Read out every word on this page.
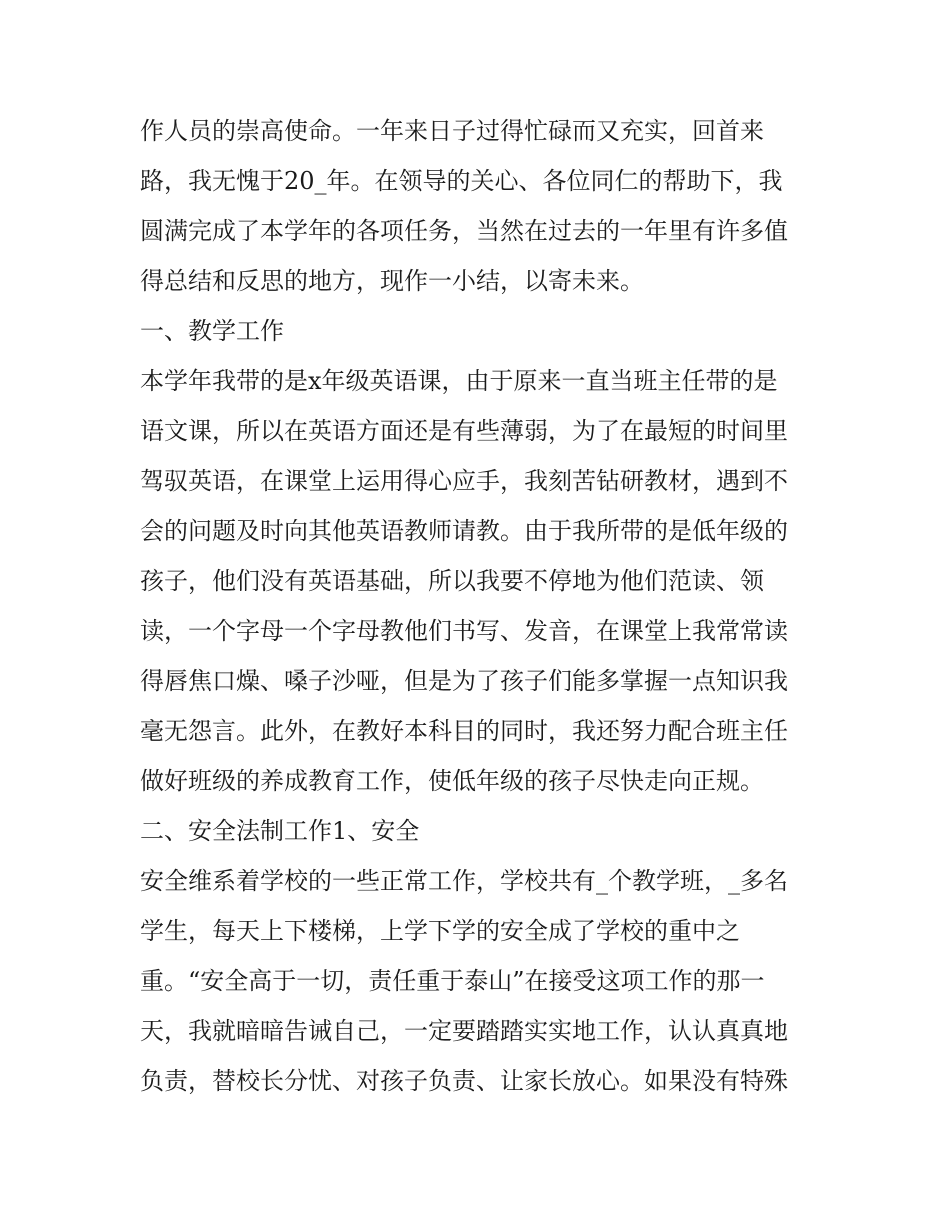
作人员的崇高使命。一年来日子过得忙碌而又充实，回首来
路，我无愧于20_年。在领导的关心、各位同仁的帮助下，我
圆满完成了本学年的各项任务，当然在过去的一年里有许多值
得总结和反思的地方，现作一小结，以寄未来。
一、教学工作
本学年我带的是x年级英语课，由于原来一直当班主任带的是
语文课，所以在英语方面还是有些薄弱，为了在最短的时间里
驾驭英语，在课堂上运用得心应手，我刻苦钻研教材，遇到不
会的问题及时向其他英语教师请教。由于我所带的是低年级的
孩子，他们没有英语基础，所以我要不停地为他们范读、领
读，一个字母一个字母教他们书写、发音，在课堂上我常常读
得唇焦口燥、嗓子沙哑，但是为了孩子们能多掌握一点知识我
毫无怨言。此外，在教好本科目的同时，我还努力配合班主任
做好班级的养成教育工作，使低年级的孩子尽快走向正规。
二、安全法制工作1、安全
安全维系着学校的一些正常工作，学校共有_个教学班，_多名
学生，每天上下楼梯，上学下学的安全成了学校的重中之
重。“安全高于一切，责任重于泰山”在接受这项工作的那一
天，我就暗暗告诫自己，一定要踏踏实实地工作，认认真真地
负责，替校长分忧、对孩子负责、让家长放心。如果没有特殊
